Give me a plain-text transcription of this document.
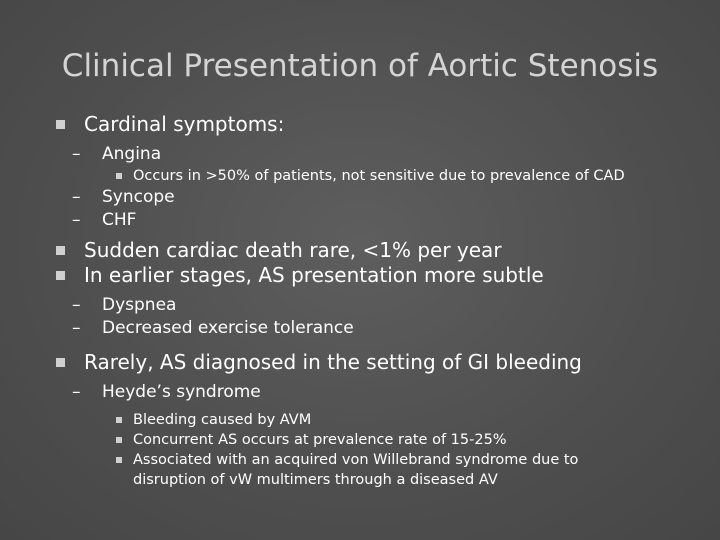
Clinical Presentation of Aortic Stenosis
Cardinal symptoms:
– Angina
Occurs in >50% of patients, not sensitive due to prevalence of CAD
– Syncope
– CHF
Sudden cardiac death rare, <1% per year
In earlier stages, AS presentation more subtle
– Dyspnea
– Decreased exercise tolerance
Rarely, AS diagnosed in the setting of GI bleeding
– Heyde’s syndrome
Bleeding caused by AVM
Concurrent AS occurs at prevalence rate of 15-25%
Associated with an acquired von Willebrand syndrome due to disruption of vW multimers through a diseased AV
